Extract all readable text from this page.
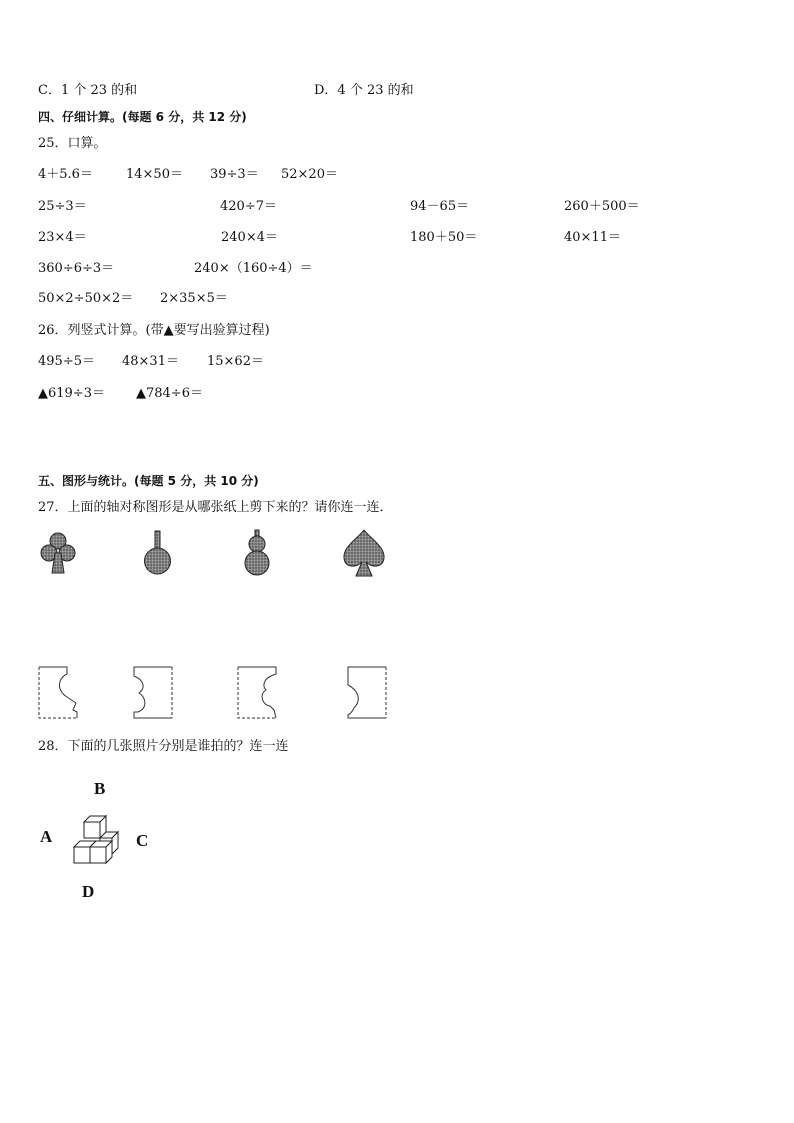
C．1 个 23 的和	D．4 个 23 的和
四、仔细计算。(每题 6 分，共 12 分)
25．口算。
4＋5.6＝	14×50＝ 39÷3＝ 52×20＝
25÷3＝	420÷7＝	94－65＝	260＋500＝
23×4＝	240×4＝	180＋50＝	40×11＝
360÷6÷3＝	240×（160÷4）＝
50×2÷50×2＝ 2×35×5＝
26．列竖式计算。(带▲要写出验算过程)
495÷5＝ 48×31＝ 15×62＝
▲619÷3＝ ▲784÷6＝
五、图形与统计。(每题 5 分，共 10 分)
27．上面的轴对称图形是从哪张纸上剪下来的？请你连一连．
28．下面的几张照片分别是谁拍的？连一连
B
A	C
D
